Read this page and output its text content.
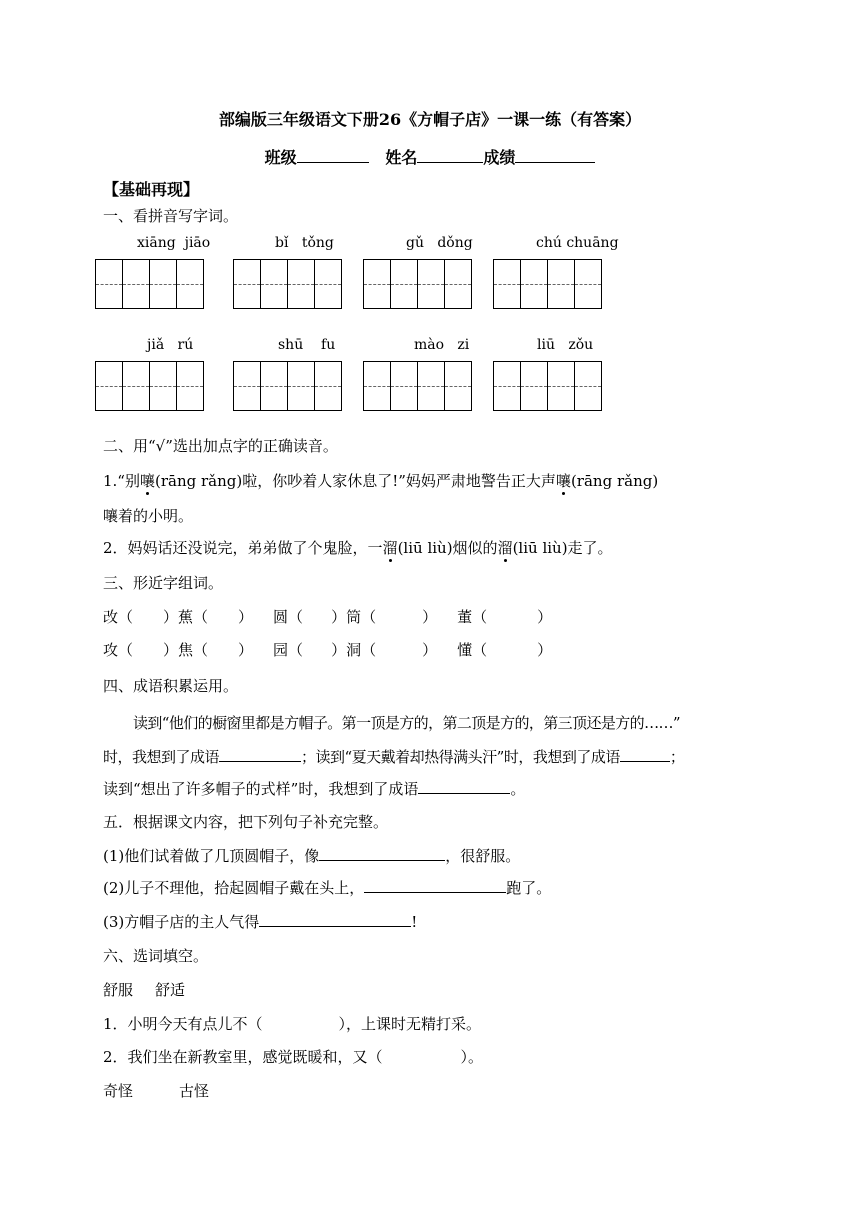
部编版三年级语文下册26《方帽子店》一课一练（有答案）
班级	姓名	成绩
【基础再现】
一、看拼音写字词。
xiāng jiāo	bǐ tǒng	gǔ dǒng	chú chuāng
jiǎ rú	shū fu	mào zi	liū zǒu
二、用“√”选出加点字的正确读音。
1.“别嚷(rāng rǎng)啦，你吵着人家休息了!”妈妈严肃地警告正大声嚷(rāng rǎng)
嚷着的小明。
2．妈妈话还没说完，弟弟做了个鬼脸，一溜(liū liù)烟似的溜(liū liù)走了。
三、形近字组词。
改（ ）蕉（ ） 圆（ ）筒（	） 董（	）
攻（ ）焦（ ） 园（ ）洞（	） 懂（	）
四、成语积累运用。
读到“他们的橱窗里都是方帽子。第一顶是方的，第二顶是方的，第三顶还是方的……”
时，我想到了成语	；读到“夏天戴着却热得满头汗”时，我想到了成语	；
读到“想出了许多帽子的式样”时，我想到了成语	。
五．根据课文内容，把下列句子补充完整。
(1)他们试着做了几顶圆帽子，像	，很舒服。
(2)儿子不理他，拾起圆帽子戴在头上，	跑了。
(3)方帽子店的主人气得	!
六、选词填空。
舒服 舒适
1．小明今天有点儿不（	），上课时无精打采。
2．我们坐在新教室里，感觉既暖和，又（	）。
奇怪	古怪
